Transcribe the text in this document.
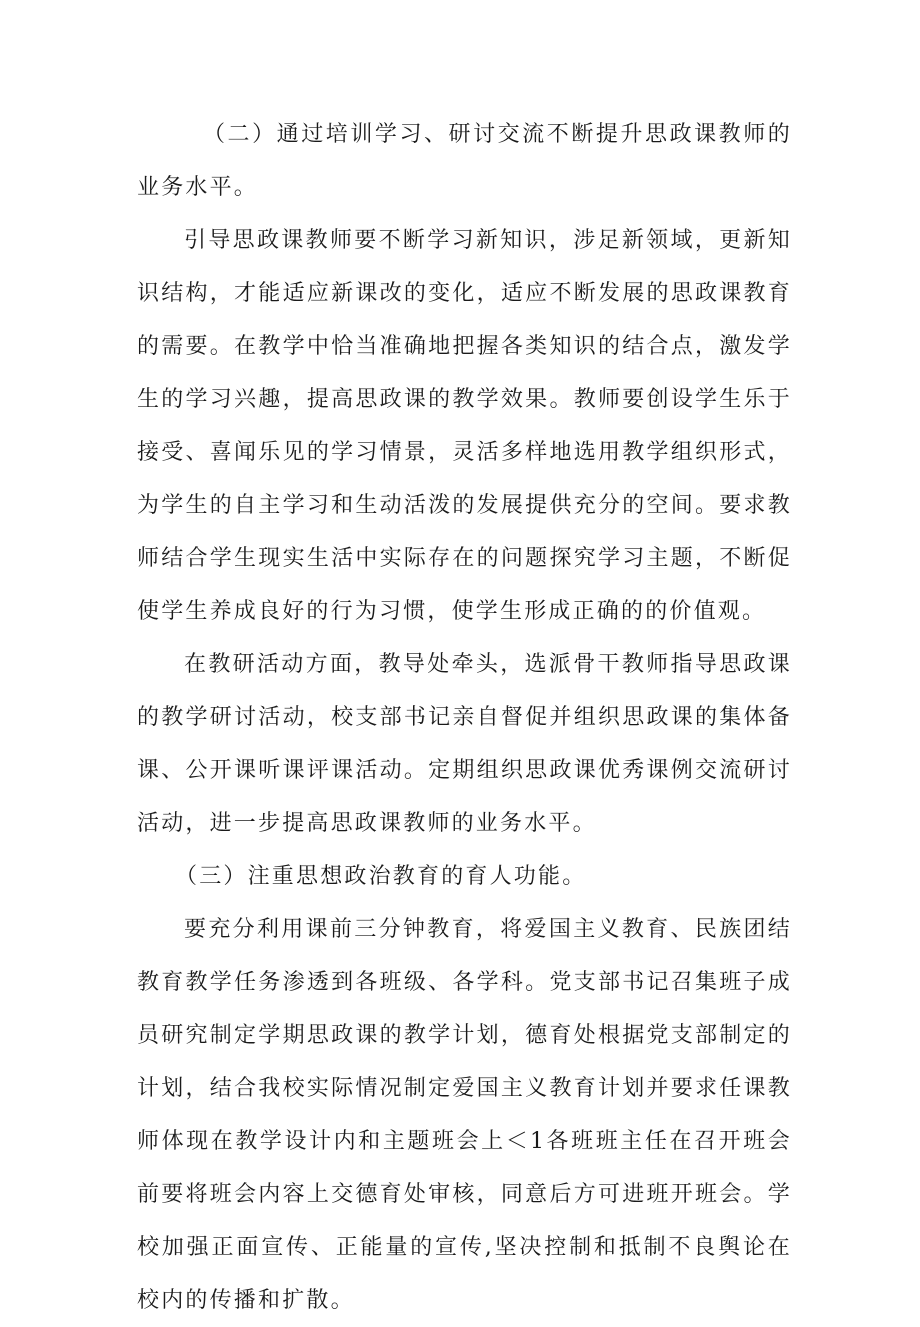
（二）通过培训学习、研讨交流不断提升思政课教师的业务水平。

引导思政课教师要不断学习新知识，涉足新领域，更新知识结构，才能适应新课改的变化，适应不断发展的思政课教育的需要。在教学中恰当准确地把握各类知识的结合点，激发学生的学习兴趣，提高思政课的教学效果。教师要创设学生乐于接受、喜闻乐见的学习情景，灵活多样地选用教学组织形式，为学生的自主学习和生动活泼的发展提供充分的空间。要求教师结合学生现实生活中实际存在的问题探究学习主题，不断促使学生养成良好的行为习惯，使学生形成正确的的价值观。

在教研活动方面，教导处牵头，选派骨干教师指导思政课的教学研讨活动，校支部书记亲自督促并组织思政课的集体备课、公开课听课评课活动。定期组织思政课优秀课例交流研讨活动，进一步提高思政课教师的业务水平。

（三）注重思想政治教育的育人功能。

要充分利用课前三分钟教育，将爱国主义教育、民族团结教育教学任务渗透到各班级、各学科。党支部书记召集班子成员研究制定学期思政课的教学计划，德育处根据党支部制定的计划，结合我校实际情况制定爱国主义教育计划并要求任课教师体现在教学设计内和主题班会上＜1各班班主任在召开班会前要将班会内容上交德育处审核，同意后方可进班开班会。学校加强正面宣传、正能量的宣传,坚决控制和抵制不良舆论在校内的传播和扩散。
